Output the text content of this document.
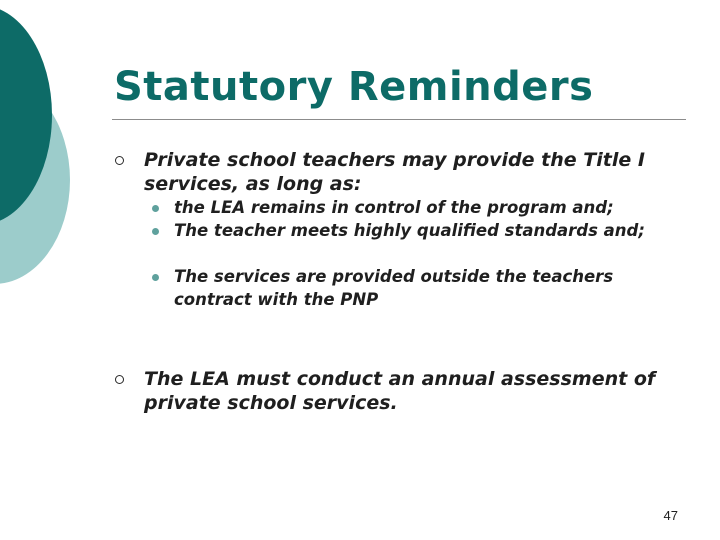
Statutory Reminders

Private school teachers may provide the Title I services, as long as:

the LEA remains in control of the program and;

The teacher meets highly qualified standards and;

The services are provided outside the teachers contract with the PNP

The LEA must conduct an annual assessment of private school services.

47
